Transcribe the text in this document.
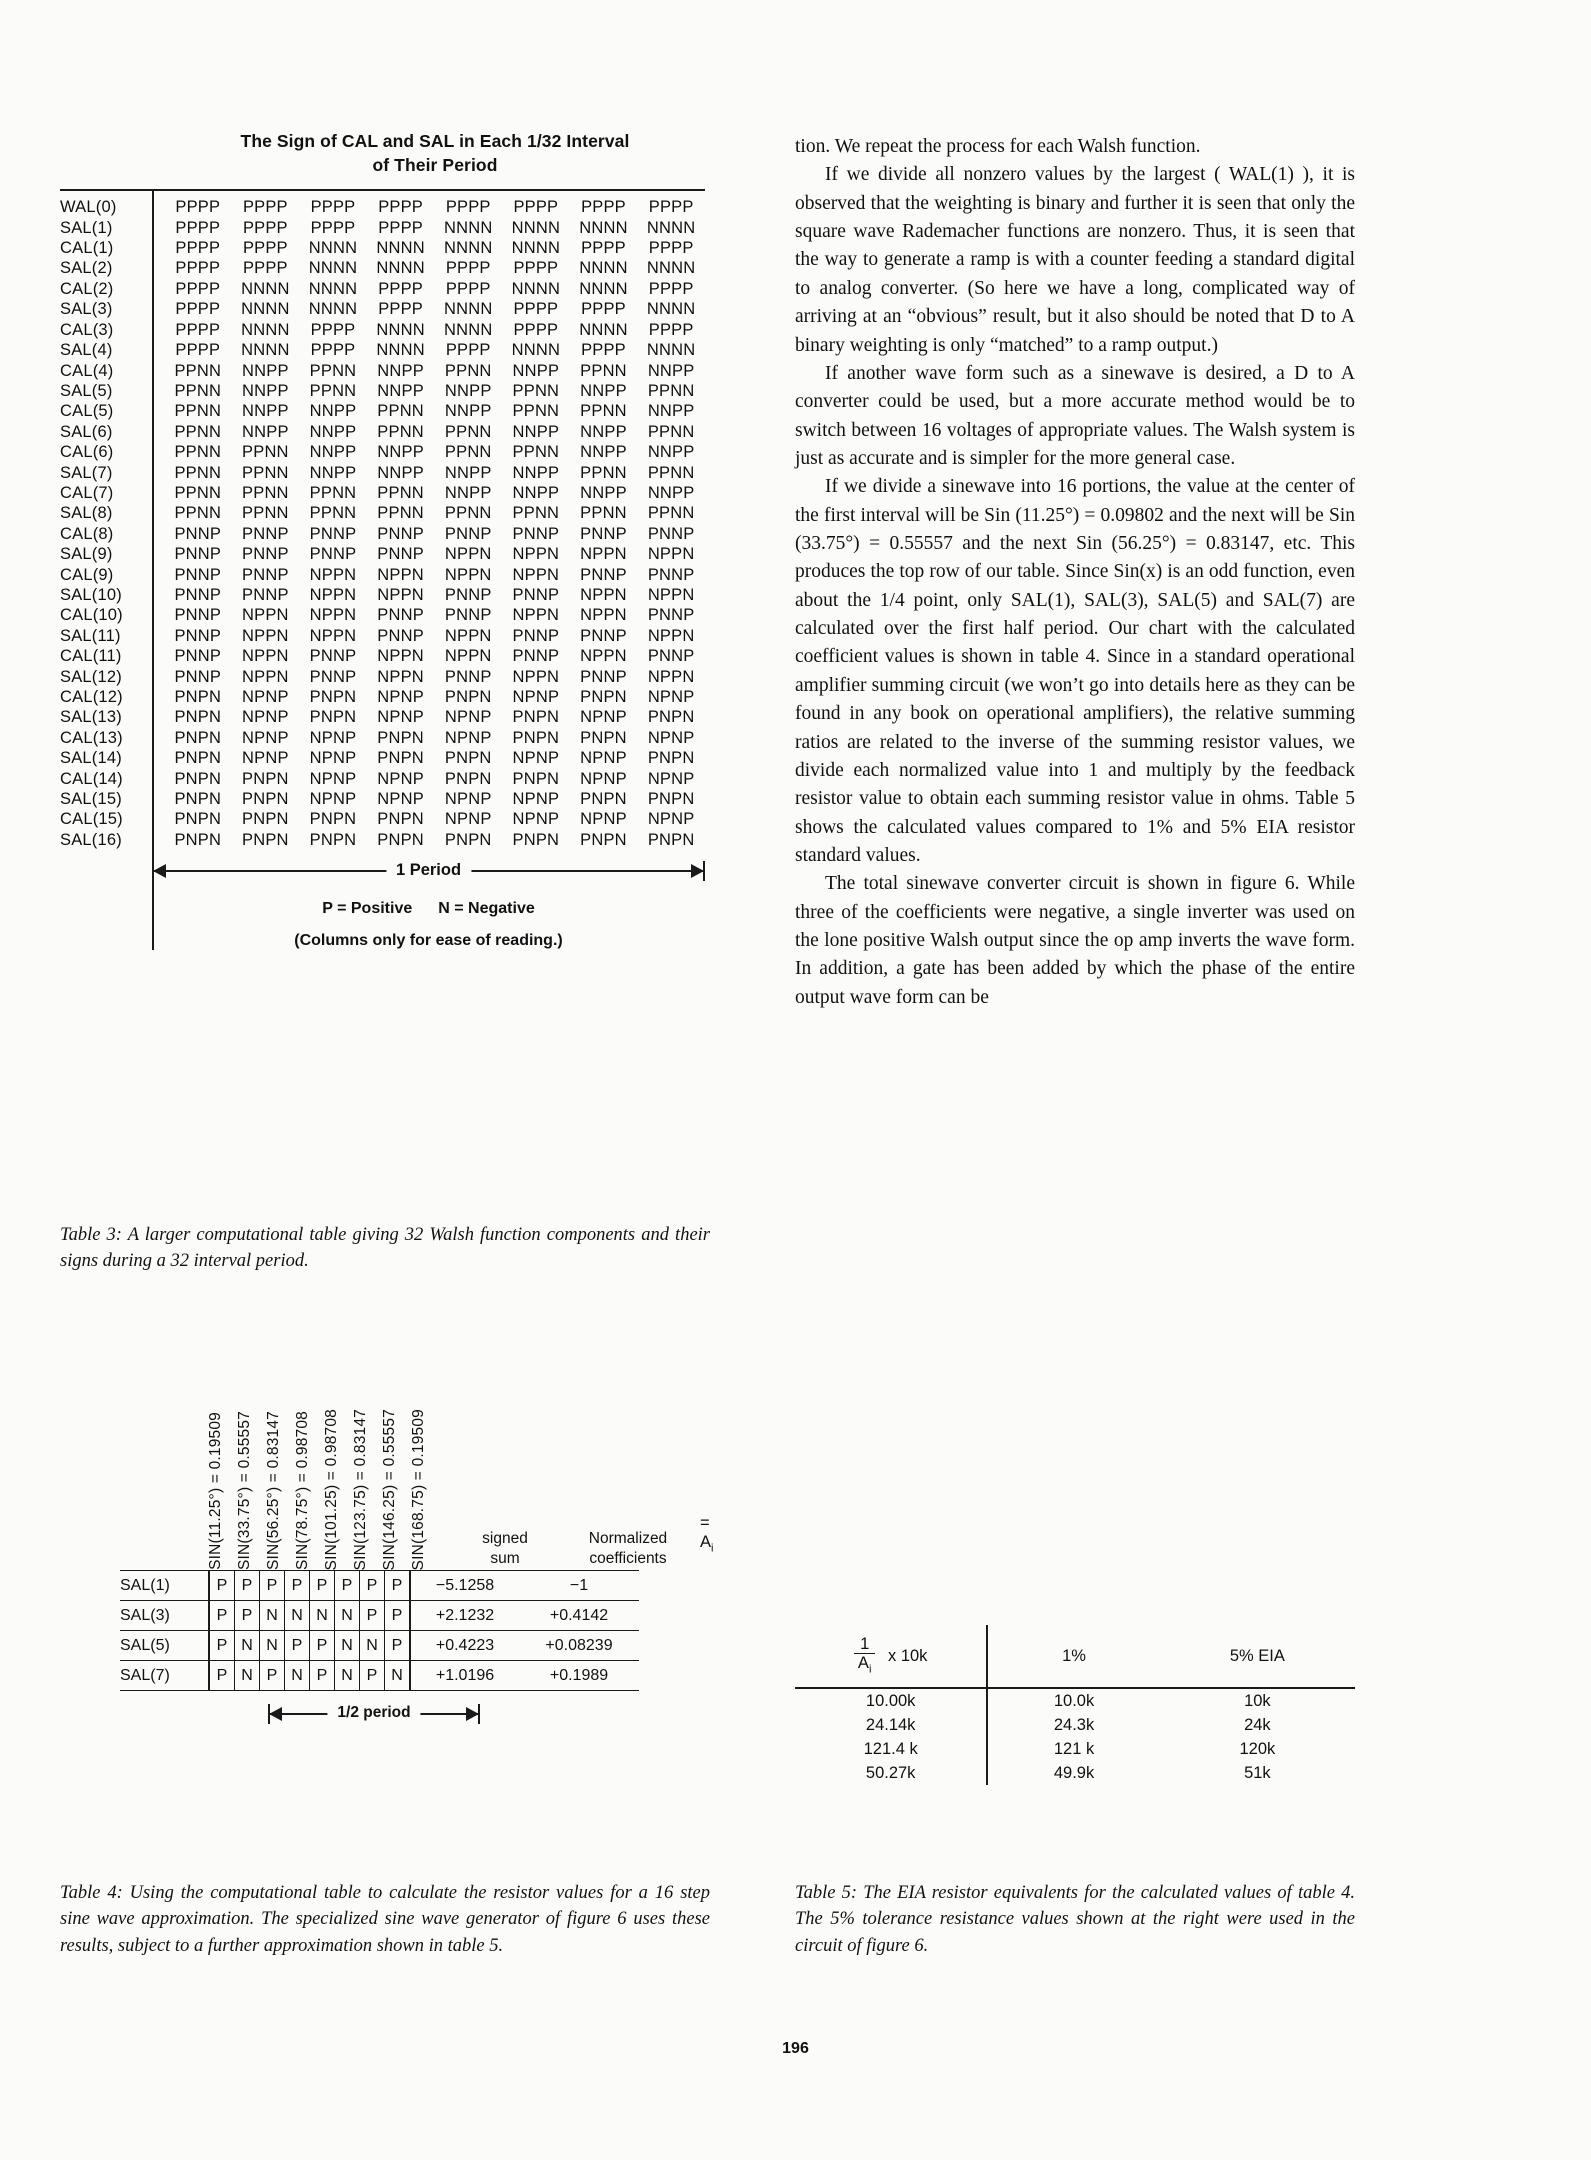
The Sign of CAL and SAL in Each 1/32 Interval
of Their Period
WAL(0)	PPPP	PPPP	PPPP	PPPP	PPPP	PPPP	PPPP	PPPP
SAL(1)	PPPP	PPPP	PPPP	PPPP	NNNN	NNNN	NNNN	NNNN
CAL(1)	PPPP	PPPP	NNNN	NNNN	NNNN	NNNN	PPPP	PPPP
SAL(2)	PPPP	PPPP	NNNN	NNNN	PPPP	PPPP	NNNN	NNNN
CAL(2)	PPPP	NNNN	NNNN	PPPP	PPPP	NNNN	NNNN	PPPP
SAL(3)	PPPP	NNNN	NNNN	PPPP	NNNN	PPPP	PPPP	NNNN
CAL(3)	PPPP	NNNN	PPPP	NNNN	NNNN	PPPP	NNNN	PPPP
SAL(4)	PPPP	NNNN	PPPP	NNNN	PPPP	NNNN	PPPP	NNNN
CAL(4)	PPNN	NNPP	PPNN	NNPP	PPNN	NNPP	PPNN	NNPP
SAL(5)	PPNN	NNPP	PPNN	NNPP	NNPP	PPNN	NNPP	PPNN
CAL(5)	PPNN	NNPP	NNPP	PPNN	NNPP	PPNN	PPNN	NNPP
SAL(6)	PPNN	NNPP	NNPP	PPNN	PPNN	NNPP	NNPP	PPNN
CAL(6)	PPNN	PPNN	NNPP	NNPP	PPNN	PPNN	NNPP	NNPP
SAL(7)	PPNN	PPNN	NNPP	NNPP	NNPP	NNPP	PPNN	PPNN
CAL(7)	PPNN	PPNN	PPNN	PPNN	NNPP	NNPP	NNPP	NNPP
SAL(8)	PPNN	PPNN	PPNN	PPNN	PPNN	PPNN	PPNN	PPNN
CAL(8)	PNNP	PNNP	PNNP	PNNP	PNNP	PNNP	PNNP	PNNP
SAL(9)	PNNP	PNNP	PNNP	PNNP	NPPN	NPPN	NPPN	NPPN
CAL(9)	PNNP	PNNP	NPPN	NPPN	NPPN	NPPN	PNNP	PNNP
SAL(10)	PNNP	PNNP	NPPN	NPPN	PNNP	PNNP	NPPN	NPPN
CAL(10)	PNNP	NPPN	NPPN	PNNP	PNNP	NPPN	NPPN	PNNP
SAL(11)	PNNP	NPPN	NPPN	PNNP	NPPN	PNNP	PNNP	NPPN
CAL(11)	PNNP	NPPN	PNNP	NPPN	NPPN	PNNP	NPPN	PNNP
SAL(12)	PNNP	NPPN	PNNP	NPPN	PNNP	NPPN	PNNP	NPPN
CAL(12)	PNPN	NPNP	PNPN	NPNP	PNPN	NPNP	PNPN	NPNP
SAL(13)	PNPN	NPNP	PNPN	NPNP	NPNP	PNPN	NPNP	PNPN
CAL(13)	PNPN	NPNP	NPNP	PNPN	NPNP	PNPN	PNPN	NPNP
SAL(14)	PNPN	NPNP	NPNP	PNPN	PNPN	NPNP	NPNP	PNPN
CAL(14)	PNPN	PNPN	NPNP	NPNP	PNPN	PNPN	NPNP	NPNP
SAL(15)	PNPN	PNPN	NPNP	NPNP	NPNP	NPNP	PNPN	PNPN
CAL(15)	PNPN	PNPN	PNPN	PNPN	NPNP	NPNP	NPNP	NPNP
SAL(16)	PNPN	PNPN	PNPN	PNPN	PNPN	PNPN	PNPN	PNPN
1 Period
P = Positive N = Negative
(Columns only for ease of reading.)
Table 3: A larger computational table giving 32 Walsh function components and their signs during a 32 interval period.
SIN(11.25°) = 0.19509 SIN(33.75°) = 0.55557 SIN(56.25°) = 0.83147 SIN(78.75°) = 0.98708 SIN(101.25) = 0.98708 SIN(123.75) = 0.83147 SIN(146.25) = 0.55557 SIN(168.75) = 0.19509	signed
sum
Normalized
coefficients
= $A_i$
SAL(1)	P	P	P	P	P	P	P	P	−5.1258	−1
SAL(3)	P	P	N	N	N	N	P	P	+2.1232	+0.4142
SAL(5)	P	N	N	P	P	N	N	P	+0.4223	+0.08239
SAL(7)	P	N	P	N	P	N	P	N	+1.0196	+0.1989
1/2 period
Table 4: Using the computational table to calculate the resistor values for a 16 step sine wave approximation. The specialized sine wave generator of figure 6 uses these results, subject to a further approximation shown in table 5.

tion. We repeat the process for each Walsh function.

If we divide all nonzero values by the largest ( WAL(1) ), it is observed that the weighting is binary and further it is seen that only the square wave Rademacher functions are nonzero. Thus, it is seen that the way to generate a ramp is with a counter feeding a standard digital to analog converter. (So here we have a long, complicated way of arriving at an “obvious” result, but it also should be noted that D to A binary weighting is only “matched” to a ramp output.)

If another wave form such as a sinewave is desired, a D to A converter could be used, but a more accurate method would be to switch between 16 voltages of appropriate values. The Walsh system is just as accurate and is simpler for the more general case.

If we divide a sinewave into 16 portions, the value at the center of the first interval will be Sin (11.25°) = 0.09802 and the next will be Sin (33.75°) = 0.55557 and the next Sin (56.25°) = 0.83147, etc. This produces the top row of our table. Since Sin(x) is an odd function, even about the 1/4 point, only SAL(1), SAL(3), SAL(5) and SAL(7) are calculated over the first half period. Our chart with the calculated coefficient values is shown in table 4. Since in a standard operational amplifier summing circuit (we won’t go into details here as they can be found in any book on operational amplifiers), the relative summing ratios are related to the inverse of the summing resistor values, we divide each normalized value into 1 and multiply by the feedback resistor value to obtain each summing resistor value in ohms. Table 5 shows the calculated values compared to 1% and 5% EIA resistor standard values.

The total sinewave converter circuit is shown in figure 6. While three of the coefficients were negative, a single inverter was used on the lone positive Walsh output since the op amp inverts the wave form. In addition, a gate has been added by which the phase of the entire output wave form can be

$\frac{1}{A_i}$ x 10k	1%	5% EIA
10.00k	10.0k	10k
24.14k	24.3k	24k
121.4 k	121 k	120k
50.27k	49.9k	51k
Table 5: The EIA resistor equivalents for the calculated values of table 4. The 5% tolerance resistance values shown at the right were used in the circuit of figure 6.
196
